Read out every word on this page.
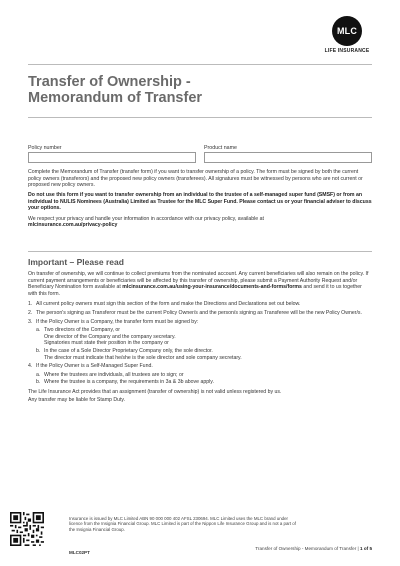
MLC
LIFE INSURANCE
Transfer of Ownership -
Memorandum of Transfer
Policy number	Product name

Complete the Memorandum of Transfer (transfer form) if you want to transfer ownership of a policy. The form must be signed by both the current policy owners (transferors) and the proposed new policy owners (transferees). All signatures must be witnessed by persons who are not current or proposed new policy owners.

Do not use this form if you want to transfer ownership from an individual to the trustee of a self-managed super fund (SMSF) or from an individual to NULIS Nominees (Australia) Limited as Trustee for the MLC Super Fund. Please contact us or your financial adviser to discuss your options.

We respect your privacy and handle your information in accordance with our privacy policy, available at
mlcinsurance.com.au/privacy-policy

Important – Please read

On transfer of ownership, we will continue to collect premiums from the nominated account. Any current beneficiaries will also remain on the policy. If current payment arrangements or beneficiaries will be affected by this transfer of ownership, please submit a Payment Authority Request and/or Beneficiary Nomination form available at mlcinsurance.com.au/using-your-insurance/documents-and-forms/forms and send it to us together with this form.

1. All current policy owners must sign this section of the form and make the Directions and Declarations set out below.
2. The person's signing as Transferor must be the current Policy Owner/s and the person/s signing as Transferee will be the new Policy Owner/s.
3. If the Policy Owner is a Company, the transfer form must be signed by:
a. Two directors of the Company, or
One director of the Company and the company secretary.
Signatories must state their position in the company or
b. In the case of a Sole Director Proprietary Company only, the sole director.
The director must indicate that he/she is the sole director and sole company secretary.
4. If the Policy Owner is a Self-Managed Super Fund.
a. Where the trustees are individuals, all trustees are to sign; or
b. Where the trustee is a company, the requirements in 3a & 3b above apply.

The Life Insurance Act provides that an assignment (transfer of ownership) is not valid unless registered by us.

Any transfer may be liable for Stamp Duty.

Insurance is issued by MLC Limited ABN 90 000 000 402 AFSL 230694. MLC Limited uses the MLC brand under licence from the Insignia Financial Group. MLC Limited is part of the Nippon Life Insurance Group and is not a part of the Insignia Financial Group.
MLC02PT
Transfer of Ownership - Memorandum of Transfer | 1 of 5
